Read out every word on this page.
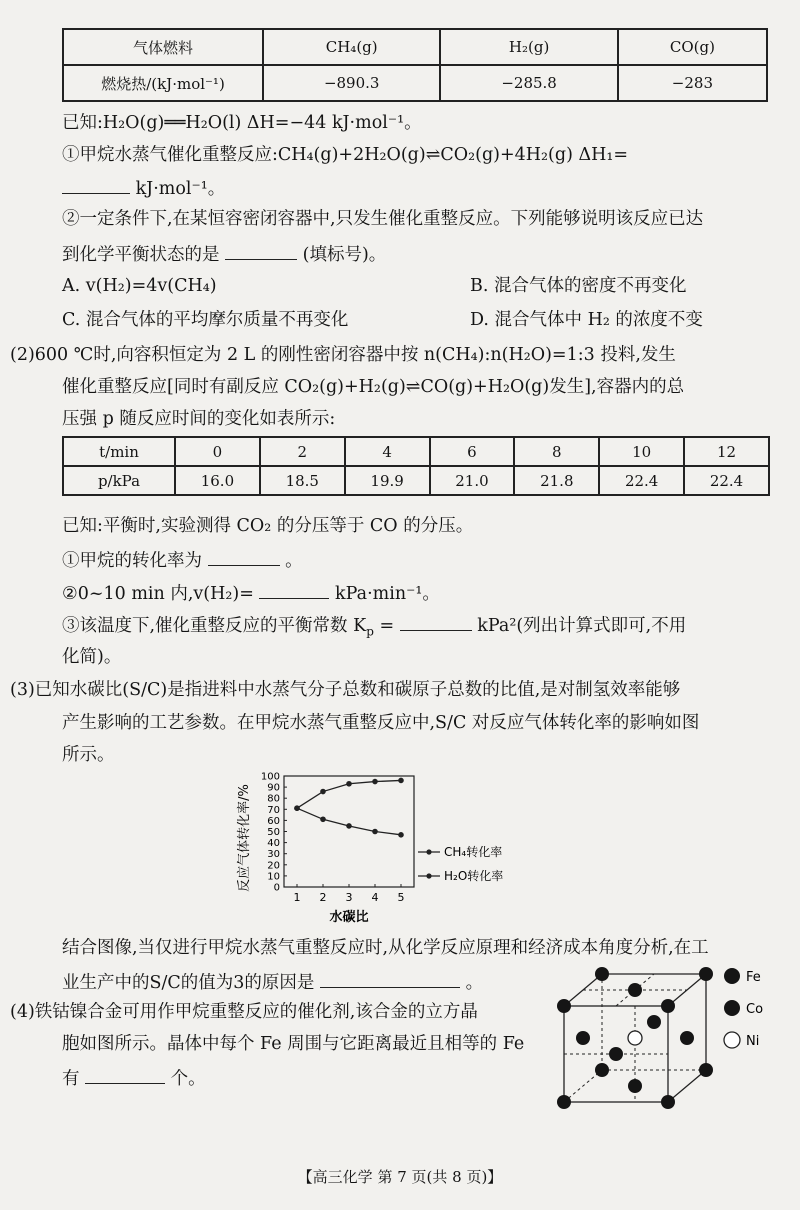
气体燃料	CH₄(g)	H₂(g)	CO(g)
燃烧热/(kJ·mol⁻¹)	−890.3	−285.8	−283
已知:H₂O(g)══H₂O(l) ΔH=−44 kJ·mol⁻¹。
①甲烷水蒸气催化重整反应:CH₄(g)+2H₂O(g)⇌CO₂(g)+4H₂(g) ΔH₁=
kJ·mol⁻¹。
②一定条件下,在某恒容密闭容器中,只发生催化重整反应。下列能够说明该反应已达
到化学平衡状态的是	(填标号)。
A. v(H₂)=4v(CH₄)	B. 混合气体的密度不再变化
C. 混合气体的平均摩尔质量不再变化	D. 混合气体中 H₂ 的浓度不变
(2)600 ℃时,向容积恒定为 2 L 的刚性密闭容器中按 n(CH₄):n(H₂O)=1:3 投料,发生
催化重整反应[同时有副反应 CO₂(g)+H₂(g)⇌CO(g)+H₂O(g)发生],容器内的总
压强 p 随反应时间的变化如表所示:
t/min	0	2	4	6	8	10	12
p/kPa	16.0	18.5	19.9	21.0	21.8	22.4	22.4
已知:平衡时,实验测得 CO₂ 的分压等于 CO 的分压。
①甲烷的转化率为	。
②0~10 min 内,v(H₂)=	kPa·min⁻¹。
③该温度下,催化重整反应的平衡常数 $K_p$ =	kPa²(列出计算式即可,不用
化简)。
(3)已知水碳比(S/C)是指进料中水蒸气分子总数和碳原子总数的比值,是对制氢效率能够
产生影响的工艺参数。在甲烷水蒸气重整反应中,S/C 对反应气体转化率的影响如图
所示。
反应气体转化率/% 0
10
20
30
40
50
60
70
80
90
100
1 2 3 4 5
水碳比
CH₄转化率
H₂O转化率
结合图像,当仅进行甲烷水蒸气重整反应时,从化学反应原理和经济成本角度分析,在工
业生产中的S/C的值为3的原因是	。
(4)铁钴镍合金可用作甲烷重整反应的催化剂,该合金的立方晶
胞如图所示。晶体中每个 Fe 周围与它距离最近且相等的 Fe
有	个。
Fe
Co
Ni
【高三化学 第 7 页(共 8 页)】
